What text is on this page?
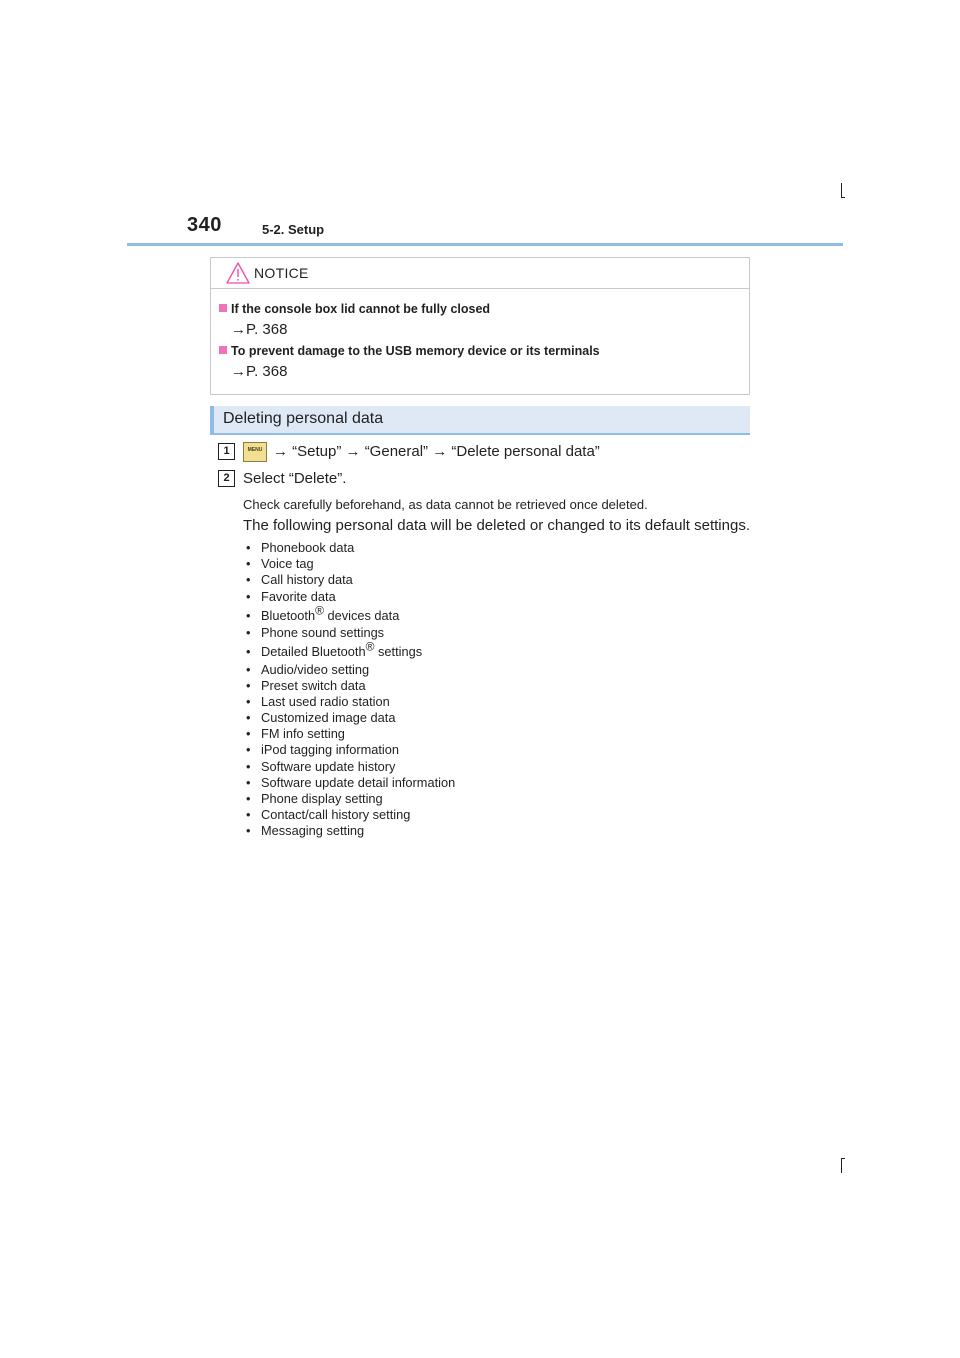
340	5-2. Setup
NOTICE
If the console box lid cannot be fully closed
→P. 368
To prevent damage to the USB memory device or its terminals
→P. 368
Deleting personal data
1	MENU → “Setup” → “General” → “Delete personal data”
2 Select “Delete”.
Check carefully beforehand, as data cannot be retrieved once deleted.
The following personal data will be deleted or changed to its default settings.
• Phonebook data
• Voice tag
• Call history data
• Favorite data
• Bluetooth® devices data
• Phone sound settings
• Detailed Bluetooth® settings
• Audio/video setting
• Preset switch data
• Last used radio station
• Customized image data
• FM info setting
• iPod tagging information
• Software update history
• Software update detail information
• Phone display setting
• Contact/call history setting
• Messaging setting
